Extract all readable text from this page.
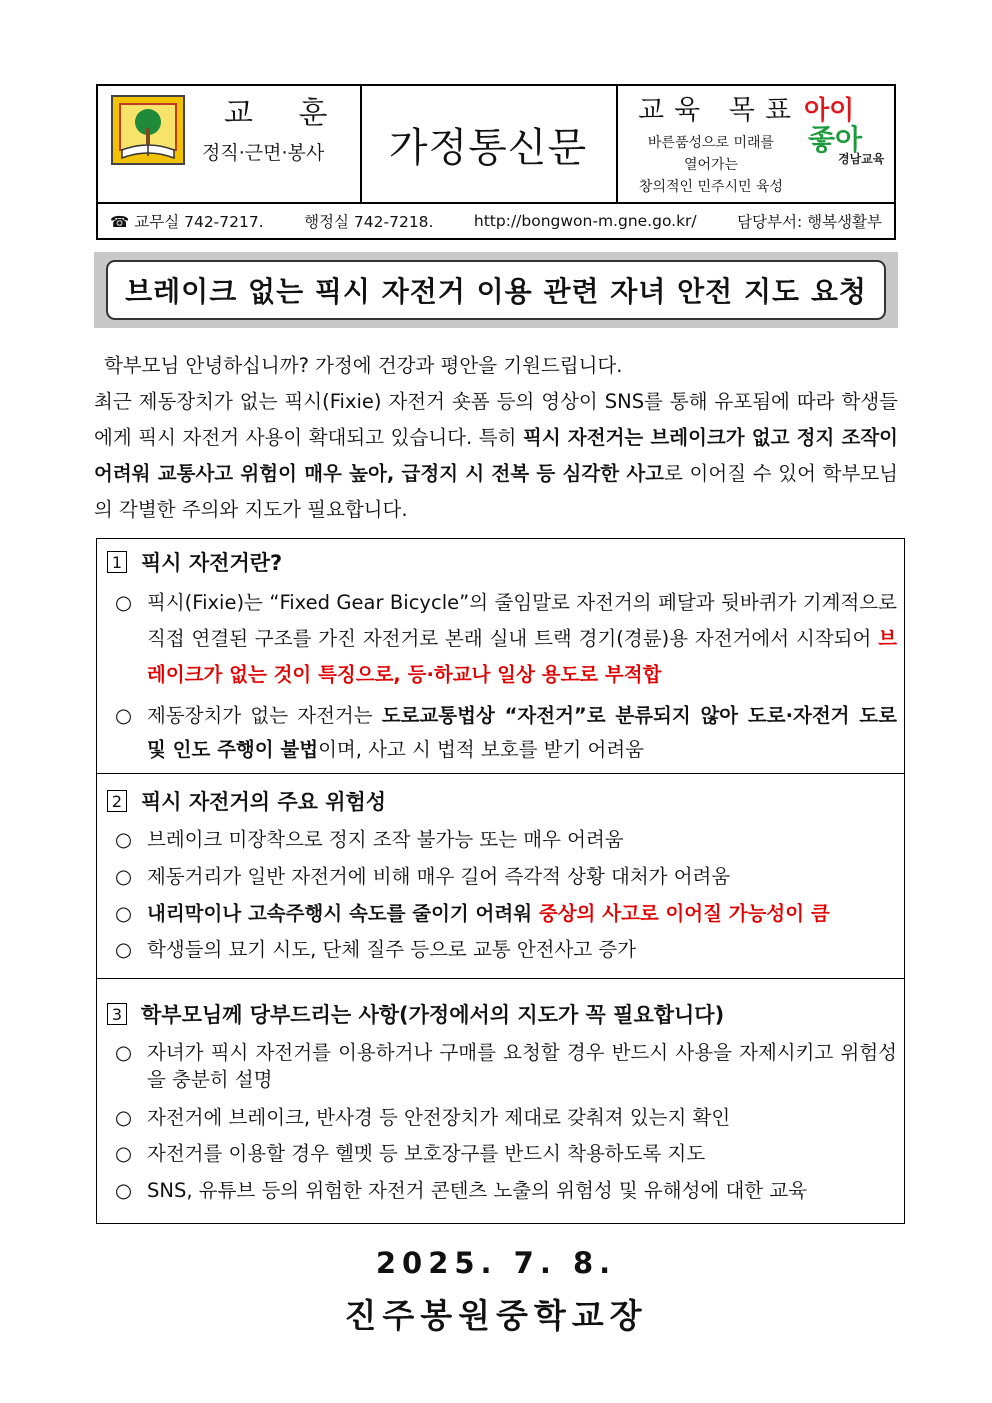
교 훈
정직·근면·봉사	가정통신문
교육 목표
바른품성으로 미래를
열어가는
창의적인 민주시민 육성
아이
좋아
경남교육
☎ 교무실 742-7217.	행정실 742-7218.	http://bongwon-m.gne.go.kr/	담당부서: 행복생활부
브레이크 없는 픽시 자전거 이용 관련 자녀 안전 지도 요청

학부모님 안녕하십니까? 가정에 건강과 평안을 기원드립니다.

최근 제동장치가 없는 픽시(Fixie) 자전거 숏폼 등의 영상이 SNS를 통해 유포됨에 따라 학생들에게 픽시 자전거 사용이 확대되고 있습니다. 특히 픽시 자전거는 브레이크가 없고 정지 조작이 어려워 교통사고 위험이 매우 높아, 급정지 시 전복 등 심각한 사고로 이어질 수 있어 학부모님의 각별한 주의와 지도가 필요합니다.

1 픽시 자전거란?
○ 픽시(Fixie)는 “Fixed Gear Bicycle”의 줄임말로 자전거의 페달과 뒷바퀴가 기계적으로 직접 연결된 구조를 가진 자전거로 본래 실내 트랙 경기(경륜)용 자전거에서 시작되어 브레이크가 없는 것이 특징으로, 등·하교나 일상 용도로 부적합
○ 제동장치가 없는 자전거는 도로교통법상 “자전거”로 분류되지 않아 도로·자전거 도로 및 인도 주행이 불법이며, 사고 시 법적 보호를 받기 어려움
2 픽시 자전거의 주요 위험성
○ 브레이크 미장착으로 정지 조작 불가능 또는 매우 어려움
○ 제동거리가 일반 자전거에 비해 매우 길어 즉각적 상황 대처가 어려움
○ 내리막이나 고속주행시 속도를 줄이기 어려워 중상의 사고로 이어질 가능성이 큼
○ 학생들의 묘기 시도, 단체 질주 등으로 교통 안전사고 증가
3 학부모님께 당부드리는 사항(가정에서의 지도가 꼭 필요합니다)
○ 자녀가 픽시 자전거를 이용하거나 구매를 요청할 경우 반드시 사용을 자제시키고 위험성을 충분히 설명
○ 자전거에 브레이크, 반사경 등 안전장치가 제대로 갖춰져 있는지 확인
○ 자전거를 이용할 경우 헬멧 등 보호장구를 반드시 착용하도록 지도
○ SNS, 유튜브 등의 위험한 자전거 콘텐츠 노출의 위험성 및 유해성에 대한 교육
2025. 7. 8.
진주봉원중학교장
